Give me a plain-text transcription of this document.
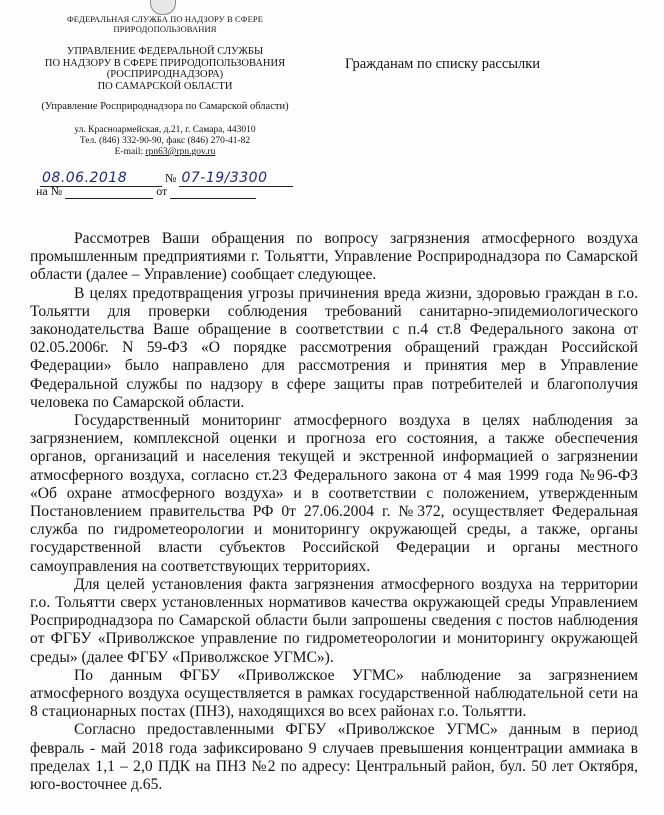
ФЕДЕРАЛЬНАЯ СЛУЖБА ПО НАДЗОРУ В СФЕРЕ ПРИРОДОПОЛЬЗОВАНИЯ
УПРАВЛЕНИЕ ФЕДЕРАЛЬНОЙ СЛУЖБЫ
ПО НАДЗОРУ В СФЕРЕ ПРИРОДОПОЛЬЗОВАНИЯ
(РОСПРИРОДНАДЗОРА)
ПО САМАРСКОЙ ОБЛАСТИ
(Управление Росприроднадзора по Самарской области)
ул. Красноармейская, д.21, г. Самара, 443010
Тел. (846) 332-90-90, факс (846) 270-41-82
E-mail: rpn63@rpn.gov.ru
Гражданам по списку рассылки
08.06.2018	№ 07-19/3300
на №	от

Рассмотрев Ваши обращения по вопросу загрязнения атмосферного воздуха промышленным предприятиями г. Тольятти, Управление Росприроднадзора по Самарской области (далее – Управление) сообщает следующее.

В целях предотвращения угрозы причинения вреда жизни, здоровью граждан в г.о. Тольятти для проверки соблюдения требований санитарно-эпидемиологического законодательства Ваше обращение в соответствии с п.4 ст.8 Федерального закона от 02.05.2006г. N 59-ФЗ «О порядке рассмотрения обращений граждан Российской Федерации» было направлено для рассмотрения и принятия мер в Управление Федеральной службы по надзору в сфере защиты прав потребителей и благополучия человека по Самарской области.

Государственный мониторинг атмосферного воздуха в целях наблюдения за загрязнением, комплексной оценки и прогноза его состояния, а также обеспечения органов, организаций и населения текущей и экстренной информацией о загрязнении атмосферного воздуха, согласно ст.23 Федерального закона от 4 мая 1999 года №96-ФЗ «Об охране атмосферного воздуха» и в соответствии с положением, утвержденным Постановлением правительства РФ 0т 27.06.2004 г. №372, осуществляет Федеральная служба по гидрометеорологии и мониторингу окружающей среды, а также, органы государственной власти субъектов Российской Федерации и органы местного самоуправления на соответствующих территориях.

Для целей установления факта загрязнения атмосферного воздуха на территории г.о. Тольятти сверх установленных нормативов качества окружающей среды Управлением Росприроднадзора по Самарской области были запрошены сведения с постов наблюдения от ФГБУ «Приволжское управление по гидрометеорологии и мониторингу окружающей среды» (далее ФГБУ «Приволжское УГМС»).

По данным ФГБУ «Приволжское УГМС» наблюдение за загрязнением атмосферного воздуха осуществляется в рамках государственной наблюдательной сети на 8 стационарных постах (ПНЗ), находящихся во всех районах г.о. Тольятти.

Согласно предоставленными ФГБУ «Приволжское УГМС» данным в период февраль - май 2018 года зафиксировано 9 случаев превышения концентрации аммиака в пределах 1,1 – 2,0 ПДК на ПНЗ №2 по адресу: Центральный район, бул. 50 лет Октября, юго-восточнее д.65.
